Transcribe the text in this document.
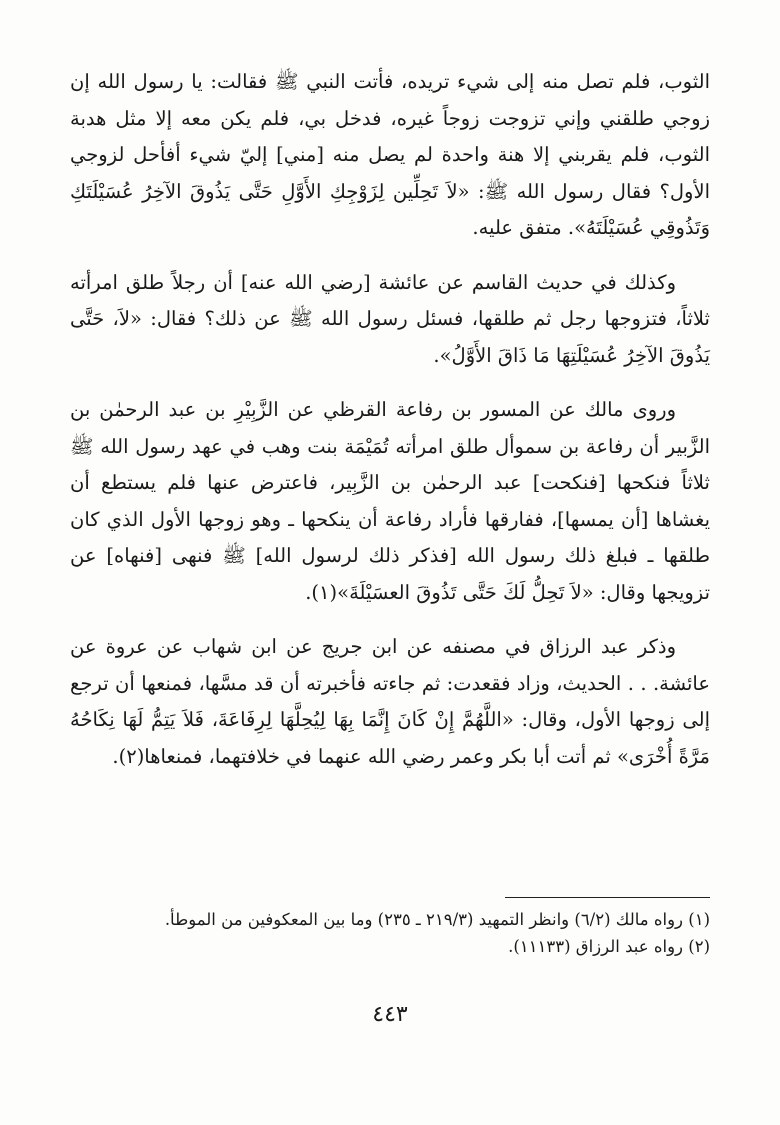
الثوب، فلم تصل منه إلى شيء تريده، فأتت النبي ﷺ فقالت: يا رسول الله إن زوجي طلقني وإني تزوجت زوجاً غيره، فدخل بي، فلم يكن معه إلا مثل هدبة الثوب، فلم يقربني إلا هنة واحدة لم يصل منه [مني] إليّ شيء أفأحل لزوجي الأول؟ فقال رسول الله ﷺ: «لاَ تَحِلِّين لِزَوْجِكِ الأَوَّلِ حَتَّى يَذُوقَ الآخِرُ عُسَيْلَتَكِ وَتَذُوقِي عُسَيْلَتَهُ». متفق عليه.

وكذلك في حديث القاسم عن عائشة [رضي الله عنه] أن رجلاً طلق امرأته ثلاثاً، فتزوجها رجل ثم طلقها، فسئل رسول الله ﷺ عن ذلك؟ فقال: «لاَ، حَتَّى يَذُوقَ الآخِرُ عُسَيْلَتِهَا مَا ذَاقَ الأَوَّلُ».

وروى مالك عن المسور بن رفاعة القرظي عن الزَّبِيْرِ بن عبد الرحمٰن بن الزَّبير أن رفاعة بن سموأل طلق امرأته تُمَيْمَة بنت وهب في عهد رسول الله ﷺ ثلاثاً فنكحها [فنكحت] عبد الرحمٰن بن الزَّبِير، فاعترض عنها فلم يستطع أن يغشاها [أن يمسها]، ففارقها فأراد رفاعة أن ينكحها ـ وهو زوجها الأول الذي كان طلقها ـ فبلغ ذلك رسول الله [فذكر ذلك لرسول الله] ﷺ فنهى [فنهاه] عن تزويجها وقال: «لاَ تَحِلُّ لَكَ حَتَّى تَذُوقَ العسَيْلَةَ»(١).

وذكر عبد الرزاق في مصنفه عن ابن جريج عن ابن شهاب عن عروة عن عائشة. . . الحديث، وزاد فقعدت: ثم جاءته فأخبرته أن قد مسَّها، فمنعها أن ترجع إلى زوجها الأول، وقال: «اللَّهُمَّ إِنْ كَانَ إِنَّمَا بِهَا لِيُحِلَّهَا لِرِفَاعَةَ، فَلاَ يَتِمُّ لَهَا نِكَاحُهُ مَرَّةً أُخْرَى» ثم أتت أبا بكر وعمر رضي الله عنهما في خلافتهما، فمنعاها(٢).

(١) رواه مالك (٦/٢) وانظر التمهيد (٢١٩/٣ ـ ٢٣٥) وما بين المعكوفين من الموطأ.

(٢) رواه عبد الرزاق (١١١٣٣).

٤٤٣
